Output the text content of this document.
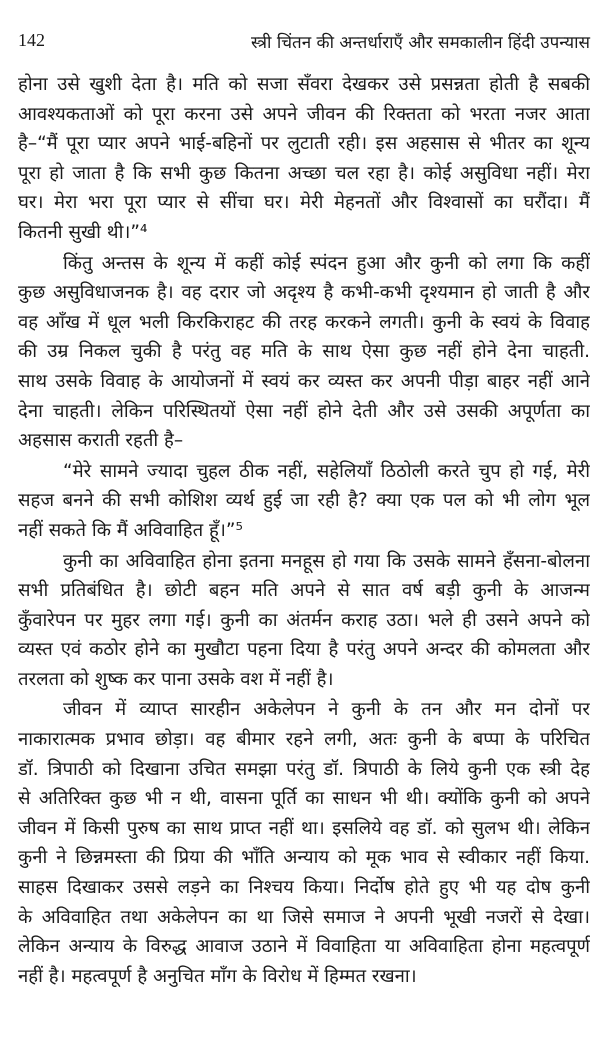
142	स्त्री चिंतन की अन्तर्धाराएँ और समकालीन हिंदी उपन्यास
होना उसे खुशी देता है। मति को सजा सँवरा देखकर उसे प्रसन्नता होती है सबकी
आवश्यकताओं को पूरा करना उसे अपने जीवन की रिक्तता को भरता नजर आता
है–“मैं पूरा प्यार अपने भाई-बहिनों पर लुटाती रही। इस अहसास से भीतर का शून्य
पूरा हो जाता है कि सभी कुछ कितना अच्छा चल रहा है। कोई असुविधा नहीं। मेरा
घर। मेरा भरा पूरा प्यार से सींचा घर। मेरी मेहनतों और विश्वासों का घरौंदा। मैं
कितनी सुखी थी।”⁴
किंतु अन्तस के शून्य में कहीं कोई स्पंदन हुआ और कुनी को लगा कि कहीं
कुछ असुविधाजनक है। वह दरार जो अदृश्य है कभी-कभी दृश्यमान हो जाती है और
वह आँख में धूल भली किरकिराहट की तरह करकने लगती। कुनी के स्वयं के विवाह
की उम्र निकल चुकी है परंतु वह मति के साथ ऐसा कुछ नहीं होने देना चाहती.
साथ उसके विवाह के आयोजनों में स्वयं कर व्यस्त कर अपनी पीड़ा बाहर नहीं आने
देना चाहती। लेकिन परिस्थितयों ऐसा नहीं होने देती और उसे उसकी अपूर्णता का
अहसास कराती रहती है–
“मेरे सामने ज्यादा चुहल ठीक नहीं, सहेलियाँ ठिठोली करते चुप हो गई, मेरी
सहज बनने की सभी कोशिश व्यर्थ हुई जा रही है? क्या एक पल को भी लोग भूल
नहीं सकते कि मैं अविवाहित हूँ।”⁵
कुनी का अविवाहित होना इतना मनहूस हो गया कि उसके सामने हँसना-बोलना
सभी प्रतिबंधित है। छोटी बहन मति अपने से सात वर्ष बड़ी कुनी के आजन्म
कुँवारेपन पर मुहर लगा गई। कुनी का अंतर्मन कराह उठा। भले ही उसने अपने को
व्यस्त एवं कठोर होने का मुखौटा पहना दिया है परंतु अपने अन्दर की कोमलता और
तरलता को शुष्क कर पाना उसके वश में नहीं है।
जीवन में व्याप्त सारहीन अकेलेपन ने कुनी के तन और मन दोनों पर
नाकारात्मक प्रभाव छोड़ा। वह बीमार रहने लगी, अतः कुनी के बप्पा के परिचित
डॉ. त्रिपाठी को दिखाना उचित समझा परंतु डॉ. त्रिपाठी के लिये कुनी एक स्त्री देह
से अतिरिक्त कुछ भी न थी, वासना पूर्ति का साधन भी थी। क्योंकि कुनी को अपने
जीवन में किसी पुरुष का साथ प्राप्त नहीं था। इसलिये वह डॉ. को सुलभ थी। लेकिन
कुनी ने छिन्नमस्ता की प्रिया की भाँति अन्याय को मूक भाव से स्वीकार नहीं किया.
साहस दिखाकर उससे लड़ने का निश्चय किया। निर्दोष होते हुए भी यह दोष कुनी
के अविवाहित तथा अकेलेपन का था जिसे समाज ने अपनी भूखी नजरों से देखा।
लेकिन अन्याय के विरुद्ध आवाज उठाने में विवाहिता या अविवाहिता होना महत्वपूर्ण
नहीं है। महत्वपूर्ण है अनुचित माँग के विरोध में हिम्मत रखना।
